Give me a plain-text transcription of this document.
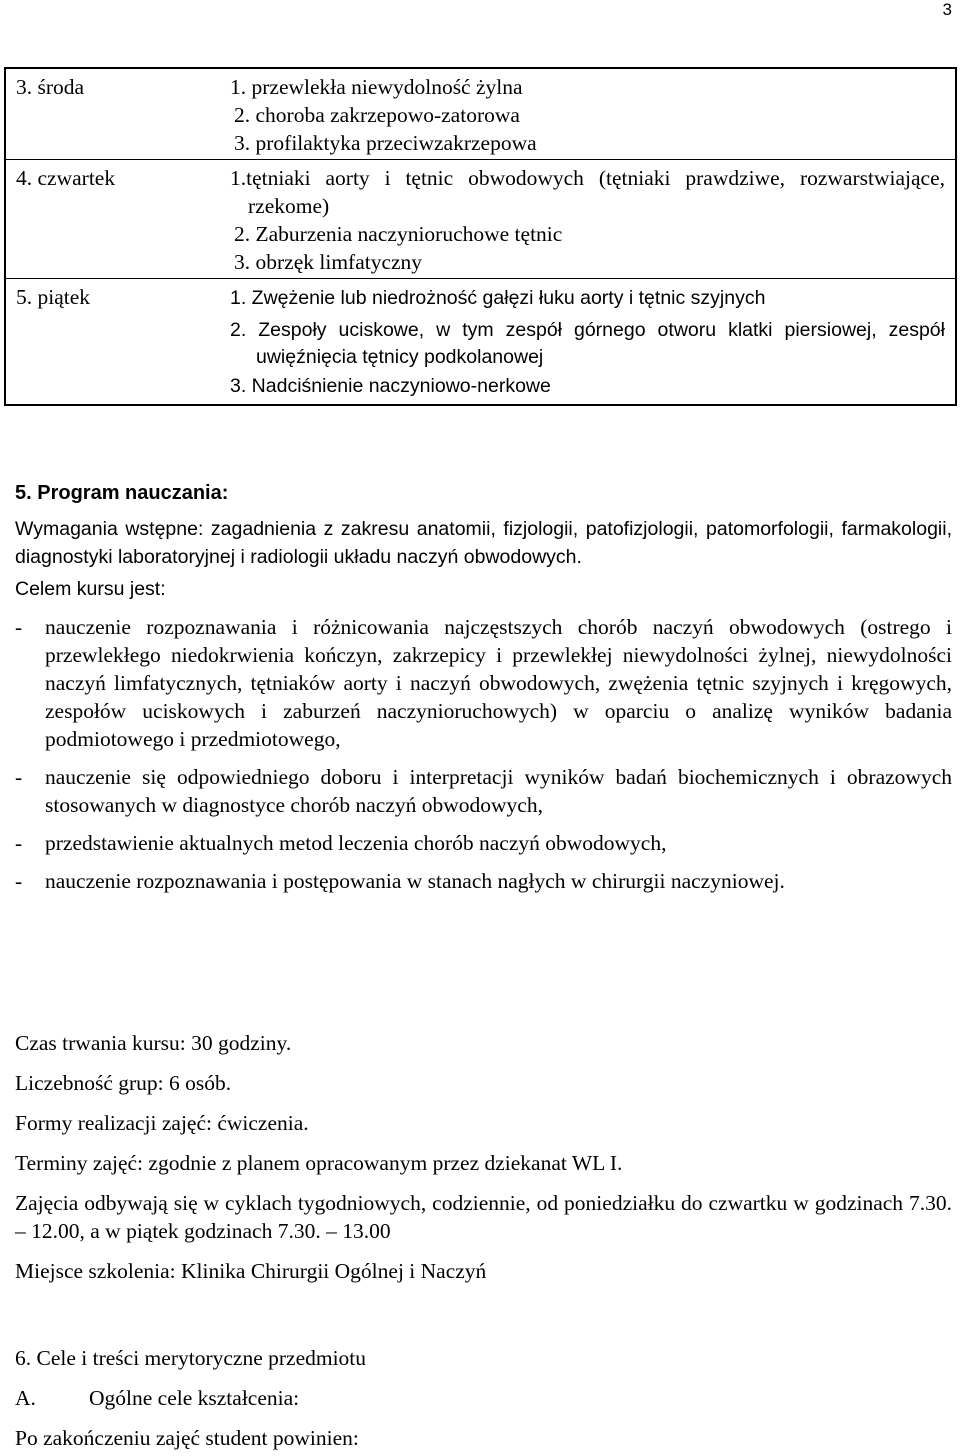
3
3. środa	1. przewlekła niewydolność żylna
2. choroba zakrzepowo-zatorowa
3. profilaktyka przeciwzakrzepowa
4. czwartek	1.tętniaki aorty i tętnic obwodowych (tętniaki prawdziwe, rozwarstwiające, rzekome)
2. Zaburzenia naczynioruchowe tętnic
3. obrzęk limfatyczny
5. piątek	1. Zwężenie lub niedrożność gałęzi łuku aorty i tętnic szyjnych
2. Zespoły uciskowe, w tym zespół górnego otworu klatki piersiowej, zespół uwięźnięcia tętnicy podkolanowej
3. Nadciśnienie naczyniowo-nerkowe
5. Program nauczania:

Wymagania wstępne: zagadnienia z zakresu anatomii, fizjologii, patofizjologii, patomorfologii, farmakologii, diagnostyki laboratoryjnej i radiologii układu naczyń obwodowych.

Celem kursu jest:

-	nauczenie rozpoznawania i różnicowania najczęstszych chorób naczyń obwodowych (ostrego i przewlekłego niedokrwienia kończyn, zakrzepicy i przewlekłej niewydolności żylnej, niewydolności naczyń limfatycznych, tętniaków aorty i naczyń obwodowych, zwężenia tętnic szyjnych i kręgowych, zespołów uciskowych i zaburzeń naczynioruchowych) w oparciu o analizę wyników badania podmiotowego i przedmiotowego,
-	nauczenie się odpowiedniego doboru i interpretacji wyników badań biochemicznych i obrazowych stosowanych w diagnostyce chorób naczyń obwodowych,
-	przedstawienie aktualnych metod leczenia chorób naczyń obwodowych,
-	nauczenie rozpoznawania i postępowania w stanach nagłych w chirurgii naczyniowej.

Czas trwania kursu: 30 godziny.

Liczebność grup: 6 osób.

Formy realizacji zajęć: ćwiczenia.

Terminy zajęć: zgodnie z planem opracowanym przez dziekanat WL I.

Zajęcia odbywają się w cyklach tygodniowych, codziennie, od poniedziałku do czwartku w godzinach 7.30. – 12.00, a w piątek godzinach 7.30. – 13.00

Miejsce szkolenia: Klinika Chirurgii Ogólnej i Naczyń

6. Cele i treści merytoryczne przedmiotu

A. Ogólne cele kształcenia:

Po zakończeniu zajęć student powinien:
